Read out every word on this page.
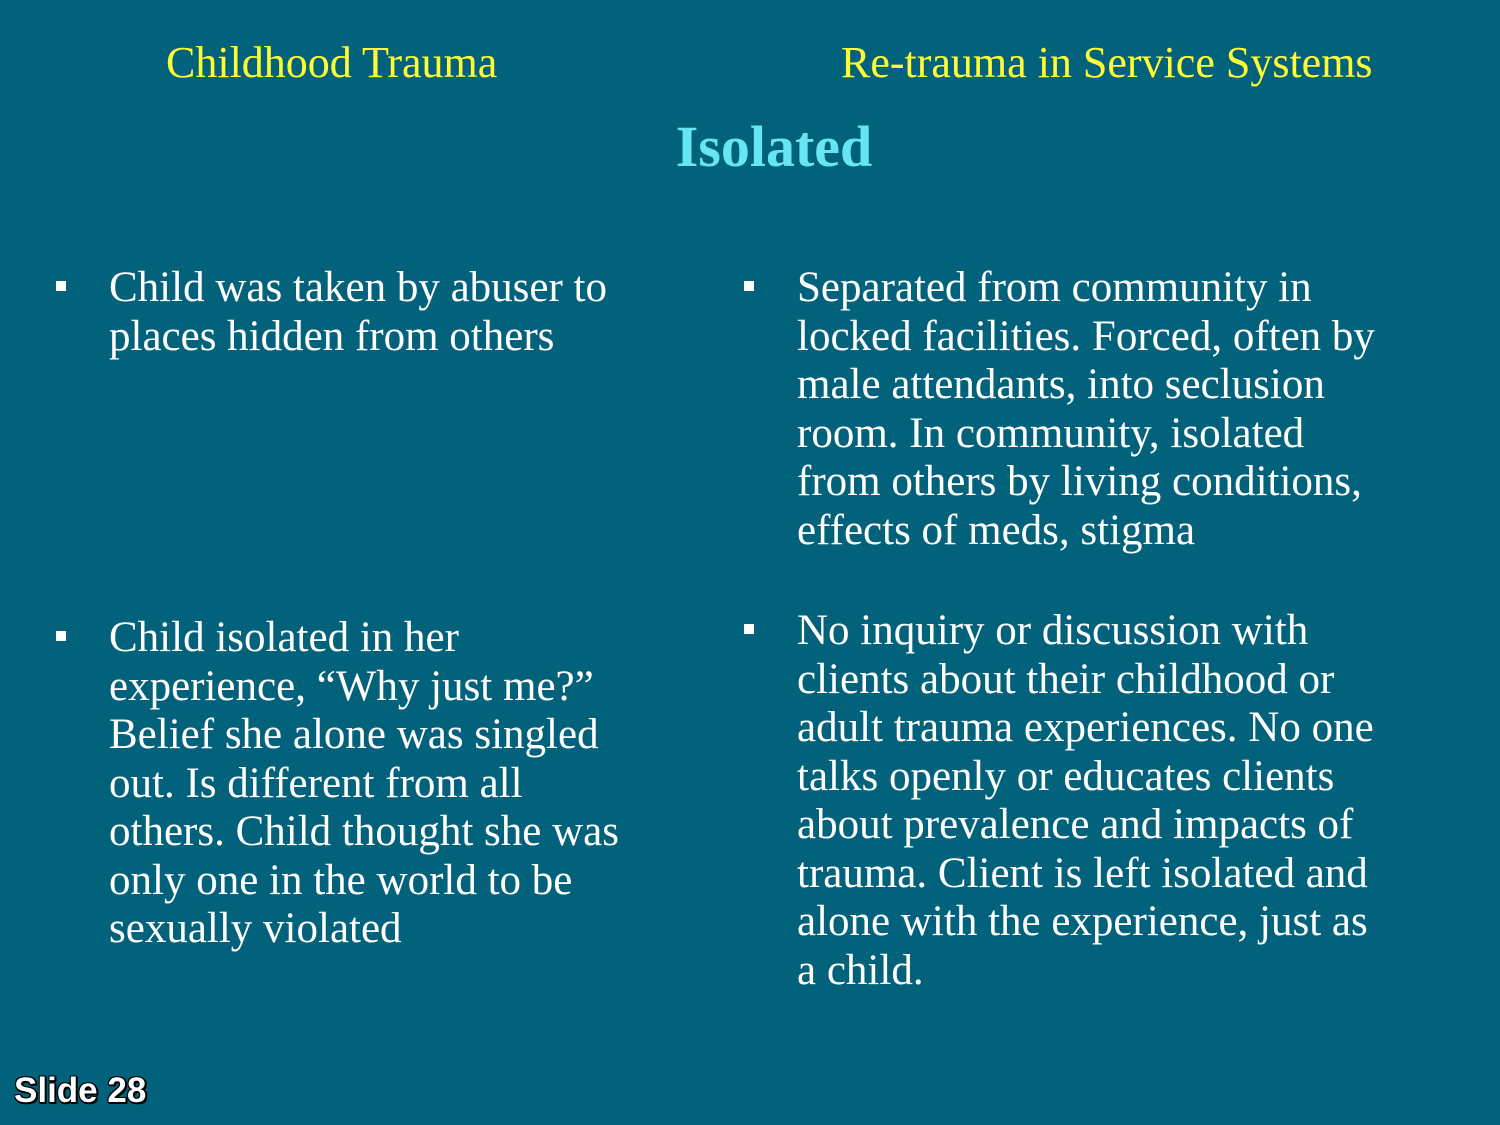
Childhood Trauma	Re-trauma in Service Systems
Isolated
Child was taken by abuser to
places hidden from others
Child isolated in her
experience, “Why just me?”
Belief she alone was singled
out. Is different from all
others. Child thought she was
only one in the world to be
sexually violated
Separated from community in
locked facilities. Forced, often by
male attendants, into seclusion
room. In community, isolated
from others by living conditions,
effects of meds, stigma
No inquiry or discussion with
clients about their childhood or
adult trauma experiences. No one
talks openly or educates clients
about prevalence and impacts of
trauma. Client is left isolated and
alone with the experience, just as
a child.
Slide 28
